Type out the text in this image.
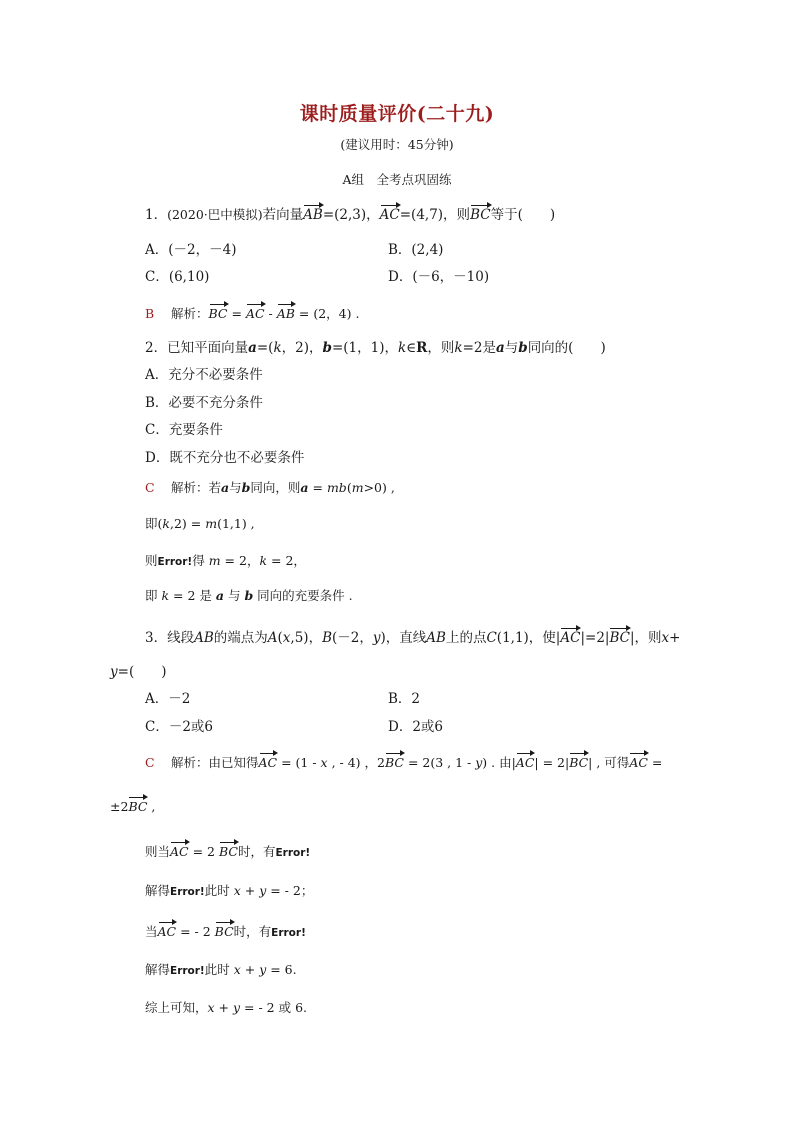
课时质量评价(二十九)
(建议用时：45分钟)
A组　全考点巩固练
1．(2020·巴中模拟)若向量AB=(2,3)，AC=(4,7)，则BC等于(　　)
A．(－2，－4)	B．(2,4)
C．(6,10)	D．(－6，－10)
B 解析：BC = AC - AB = (2，4) .
2．已知平面向量a=(k，2)，b=(1，1)，k∈R，则k=2是a与b同向的(　　)
A．充分不必要条件
B．必要不充分条件
C．充要条件
D．既不充分也不必要条件
C 解析：若a与b同向，则a = mb(m>0) ,
即(k,2) = m(1,1) ,
则Error!得 m = 2，k = 2，
即 k = 2 是 a 与 b 同向的充要条件 .
3．线段AB的端点为A(x,5)，B(－2，y)，直线AB上的点C(1,1)，使|AC|=2|BC|，则x+
y=(　　)
A．－2	B．2
C．－2或6	D．2或6
C 解析：由已知得AC = (1 - x , - 4) ，2BC = 2(3 , 1 - y) . 由|AC| = 2|BC| , 可得AC =
±2BC ,
则当AC = 2 BC时，有Error!
解得Error!此时 x + y = - 2；
当AC = - 2 BC时，有Error!
解得Error!此时 x + y = 6.
综上可知，x + y = - 2 或 6.
